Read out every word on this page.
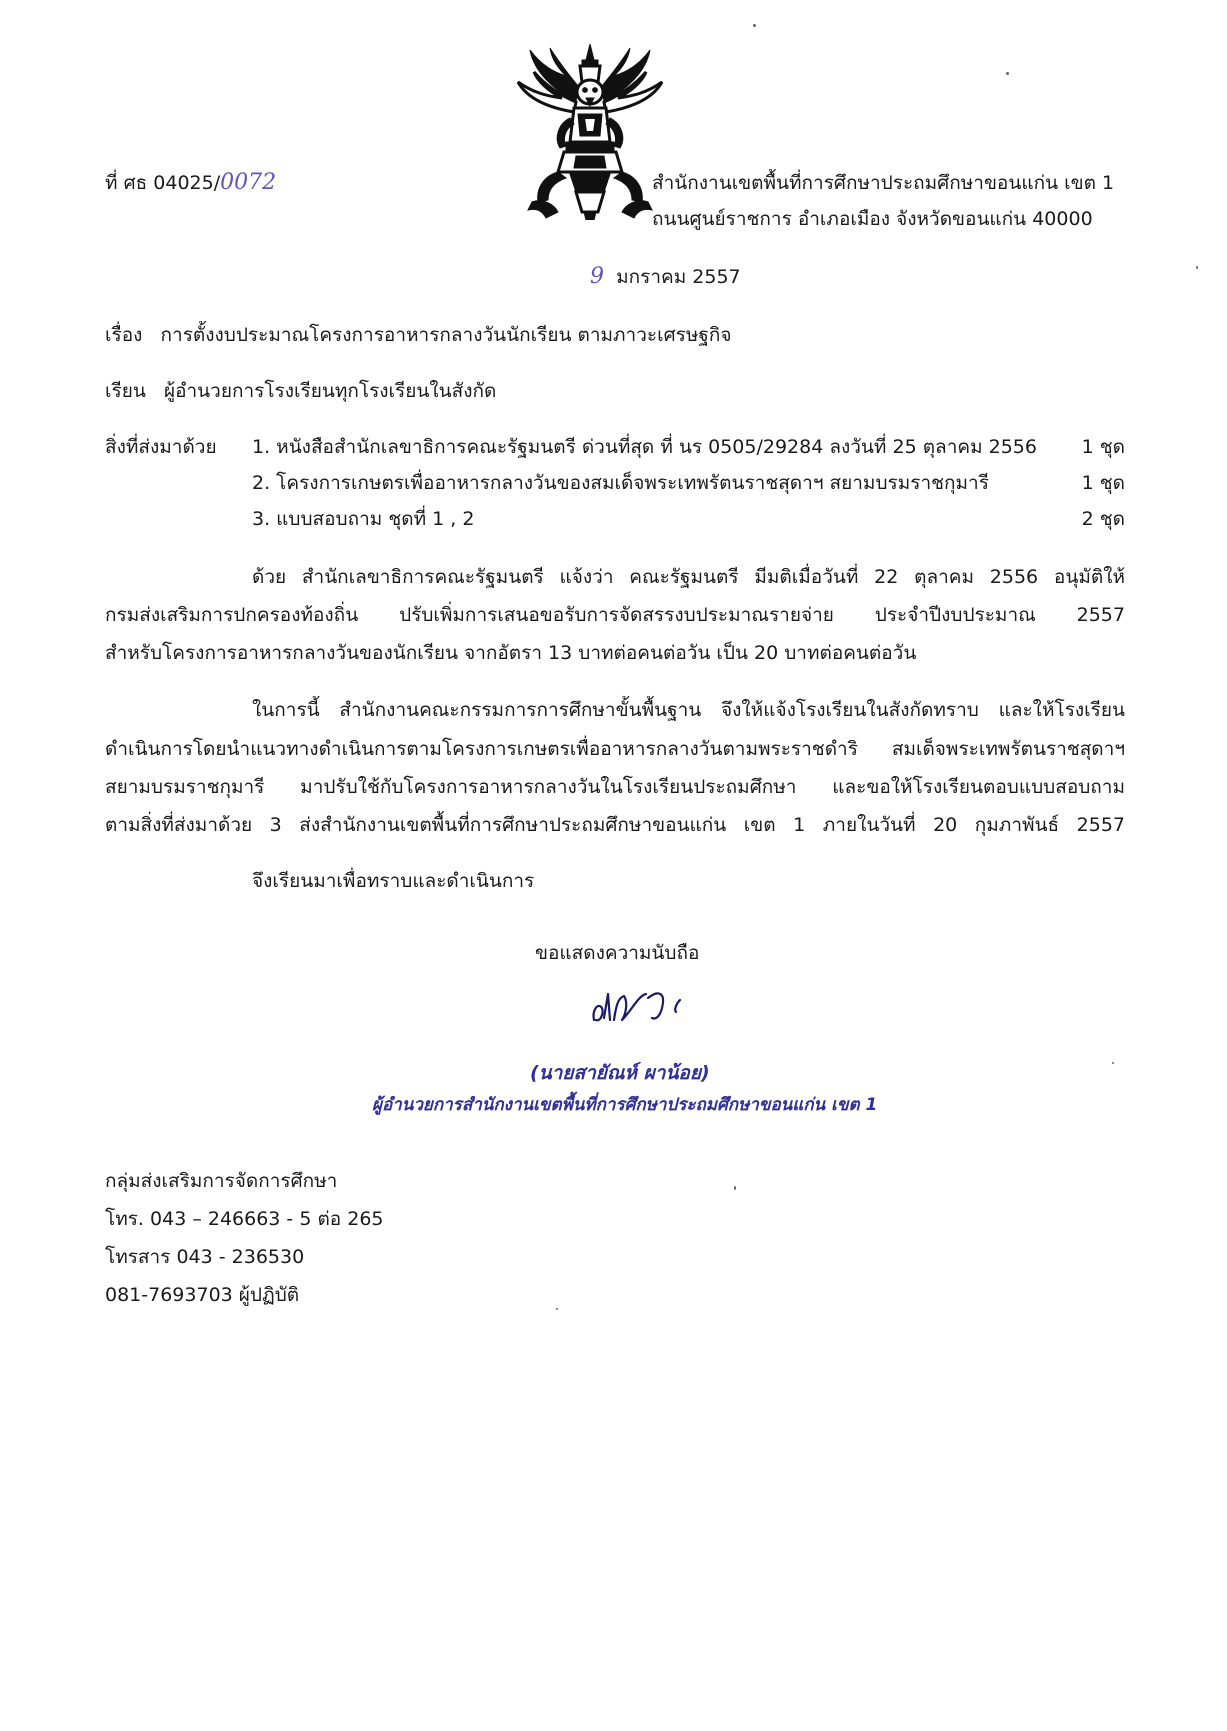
ที่ ศธ 04025/0072	สำนักงานเขตพื้นที่การศึกษาประถมศึกษาขอนแก่น เขต 1
ถนนศูนย์ราชการ อำเภอเมือง จังหวัดขอนแก่น 40000
9 มกราคม 2557
เรื่อง การตั้งงบประมาณโครงการอาหารกลางวันนักเรียน ตามภาวะเศรษฐกิจ
เรียน ผู้อำนวยการโรงเรียนทุกโรงเรียนในสังกัด
สิ่งที่ส่งมาด้วย 1. หนังสือสำนักเลขาธิการคณะรัฐมนตรี ด่วนที่สุด ที่ นร 0505/29284 ลงวันที่ 25 ตุลาคม 2556 1 ชุด
2. โครงการเกษตรเพื่ออาหารกลางวันของสมเด็จพระเทพรัตนราชสุดาฯ สยามบรมราชกุมารี	1 ชุด
3. แบบสอบถาม ชุดที่ 1 , 2	2 ชุด
ด้วย สำนักเลขาธิการคณะรัฐมนตรี แจ้งว่า คณะรัฐมนตรี มีมติเมื่อวันที่ 22 ตุลาคม 2556 อนุมัติให้
กรมส่งเสริมการปกครองท้องถิ่น ปรับเพิ่มการเสนอขอรับการจัดสรรงบประมาณรายจ่าย ประจำปีงบประมาณ 2557
สำหรับโครงการอาหารกลางวันของนักเรียน จากอัตรา 13 บาทต่อคนต่อวัน เป็น 20 บาทต่อคนต่อวัน
ในการนี้ สำนักงานคณะกรรมการการศึกษาขั้นพื้นฐาน จึงให้แจ้งโรงเรียนในสังกัดทราบ และให้โรงเรียน
ดำเนินการโดยนำแนวทางดำเนินการตามโครงการเกษตรเพื่ออาหารกลางวันตามพระราชดำริ สมเด็จพระเทพรัตนราชสุดาฯ
สยามบรมราชกุมารี มาปรับใช้กับโครงการอาหารกลางวันในโรงเรียนประถมศึกษา และขอให้โรงเรียนตอบแบบสอบถาม
ตามสิ่งที่ส่งมาด้วย 3 ส่งสำนักงานเขตพื้นที่การศึกษาประถมศึกษาขอนแก่น เขต 1 ภายในวันที่ 20 กุมภาพันธ์ 2557
จึงเรียนมาเพื่อทราบและดำเนินการ
ขอแสดงความนับถือ
(นายสายัณห์ ผาน้อย)
ผู้อำนวยการสำนักงานเขตพื้นที่การศึกษาประถมศึกษาขอนแก่น เขต 1
กลุ่มส่งเสริมการจัดการศึกษา
โทร. 043 – 246663 - 5 ต่อ 265
โทรสาร 043 - 236530
081-7693703 ผู้ปฏิบัติ
